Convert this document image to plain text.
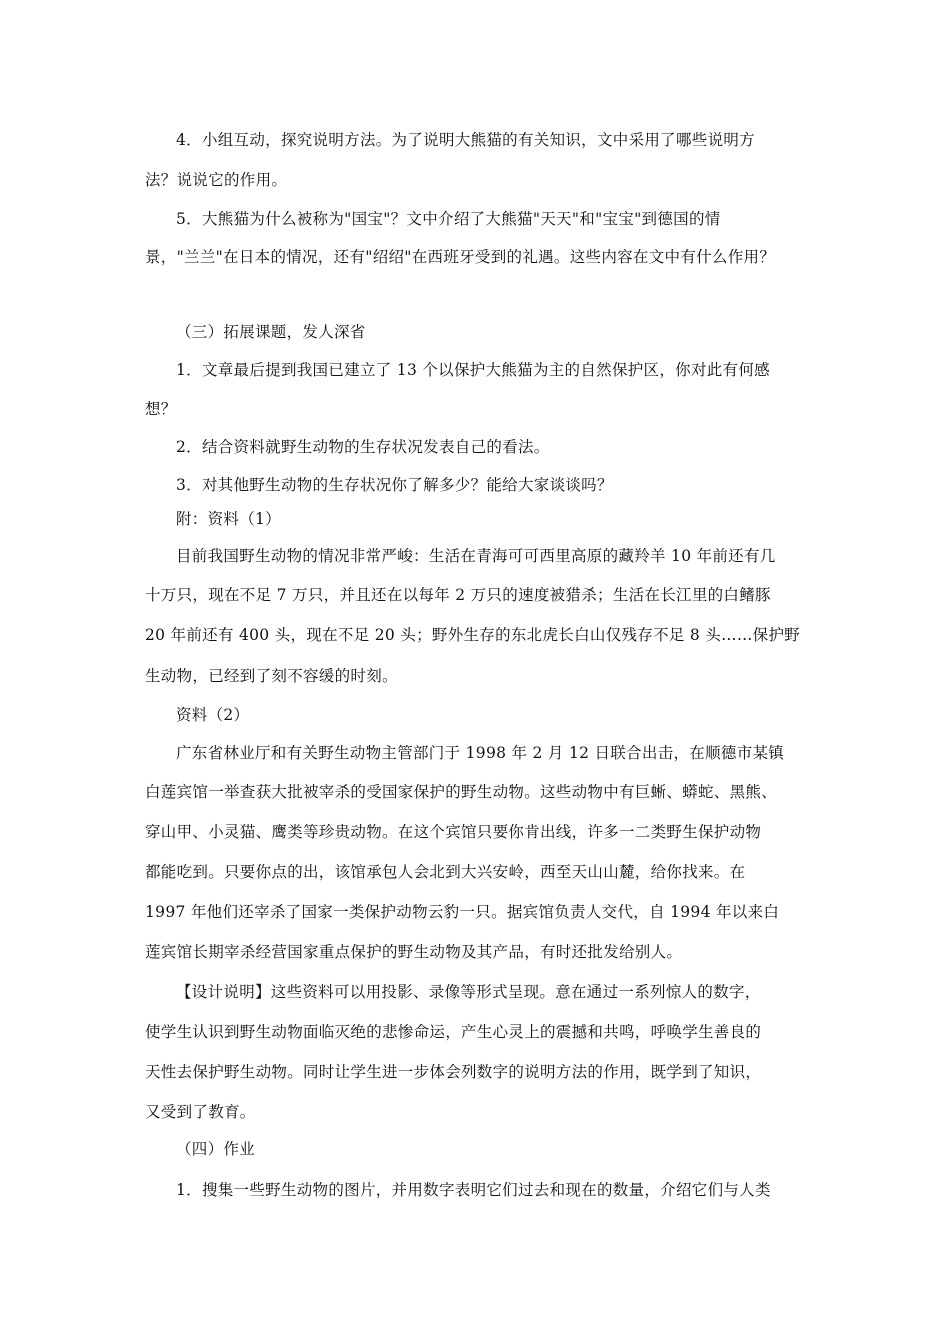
4．小组互动，探究说明方法。为了说明大熊猫的有关知识，文中采用了哪些说明方
法？说说它的作用。
5．大熊猫为什么被称为"国宝"？文中介绍了大熊猫"天天"和"宝宝"到德国的情
景，"兰兰"在日本的情况，还有"绍绍"在西班牙受到的礼遇。这些内容在文中有什么作用？
（三）拓展课题，发人深省
1．文章最后提到我国已建立了 13 个以保护大熊猫为主的自然保护区，你对此有何感
想？
2．结合资料就野生动物的生存状况发表自己的看法。
3．对其他野生动物的生存状况你了解多少？能给大家谈谈吗？
附：资料（1）
目前我国野生动物的情况非常严峻：生活在青海可可西里高原的藏羚羊 10 年前还有几
十万只，现在不足 7 万只，并且还在以每年 2 万只的速度被猎杀；生活在长江里的白鳍豚
20 年前还有 400 头，现在不足 20 头；野外生存的东北虎长白山仅残存不足 8 头……保护野
生动物，已经到了刻不容缓的时刻。
资料（2）
广东省林业厅和有关野生动物主管部门于 1998 年 2 月 12 日联合出击，在顺德市某镇
白莲宾馆一举查获大批被宰杀的受国家保护的野生动物。这些动物中有巨蜥、蟒蛇、黑熊、
穿山甲、小灵猫、鹰类等珍贵动物。在这个宾馆只要你肯出线，许多一二类野生保护动物
都能吃到。只要你点的出，该馆承包人会北到大兴安岭，西至天山山麓，给你找来。在
1997 年他们还宰杀了国家一类保护动物云豹一只。据宾馆负责人交代，自 1994 年以来白
莲宾馆长期宰杀经营国家重点保护的野生动物及其产品，有时还批发给别人。
【设计说明】这些资料可以用投影、录像等形式呈现。意在通过一系列惊人的数字，
使学生认识到野生动物面临灭绝的悲惨命运，产生心灵上的震撼和共鸣，呼唤学生善良的
天性去保护野生动物。同时让学生进一步体会列数字的说明方法的作用，既学到了知识，
又受到了教育。
（四）作业
1．搜集一些野生动物的图片，并用数字表明它们过去和现在的数量，介绍它们与人类
